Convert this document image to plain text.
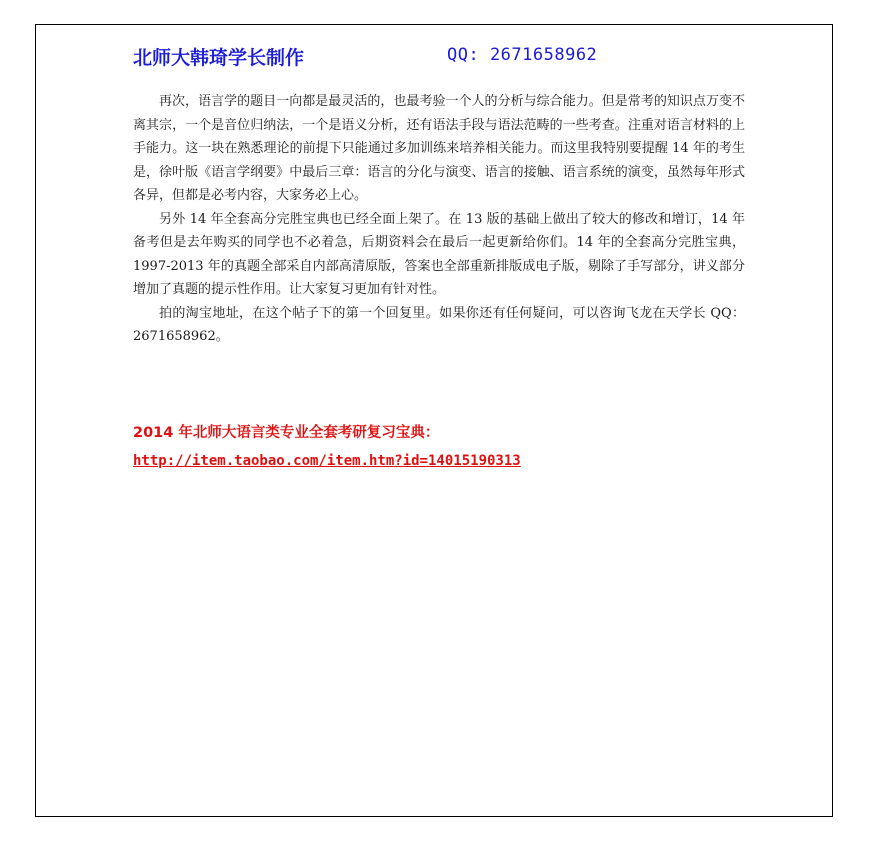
北师大韩琦学长制作	QQ: 2671658962

再次，语言学的题目一向都是最灵活的，也最考验一个人的分析与综合能力。但是常考的知识点万变不离其宗，一个是音位归纳法，一个是语义分析，还有语法手段与语法范畴的一些考查。注重对语言材料的上手能力。这一块在熟悉理论的前提下只能通过多加训练来培养相关能力。而这里我特别要提醒 14 年的考生是，徐叶版《语言学纲要》中最后三章：语言的分化与演变、语言的接触、语言系统的演变，虽然每年形式各异，但都是必考内容，大家务必上心。

另外 14 年全套高分完胜宝典也已经全面上架了。在 13 版的基础上做出了较大的修改和增订，14 年备考但是去年购买的同学也不必着急，后期资料会在最后一起更新给你们。14 年的全套高分完胜宝典，1997-2013 年的真题全部采自内部高清原版，答案也全部重新排版成电子版，剔除了手写部分，讲义部分增加了真题的提示性作用。让大家复习更加有针对性。

拍的淘宝地址，在这个帖子下的第一个回复里。如果你还有任何疑问，可以咨询飞龙在天学长 QQ：2671658962。

2014 年北师大语言类专业全套考研复习宝典：
http://item.taobao.com/item.htm?id=14015190313
